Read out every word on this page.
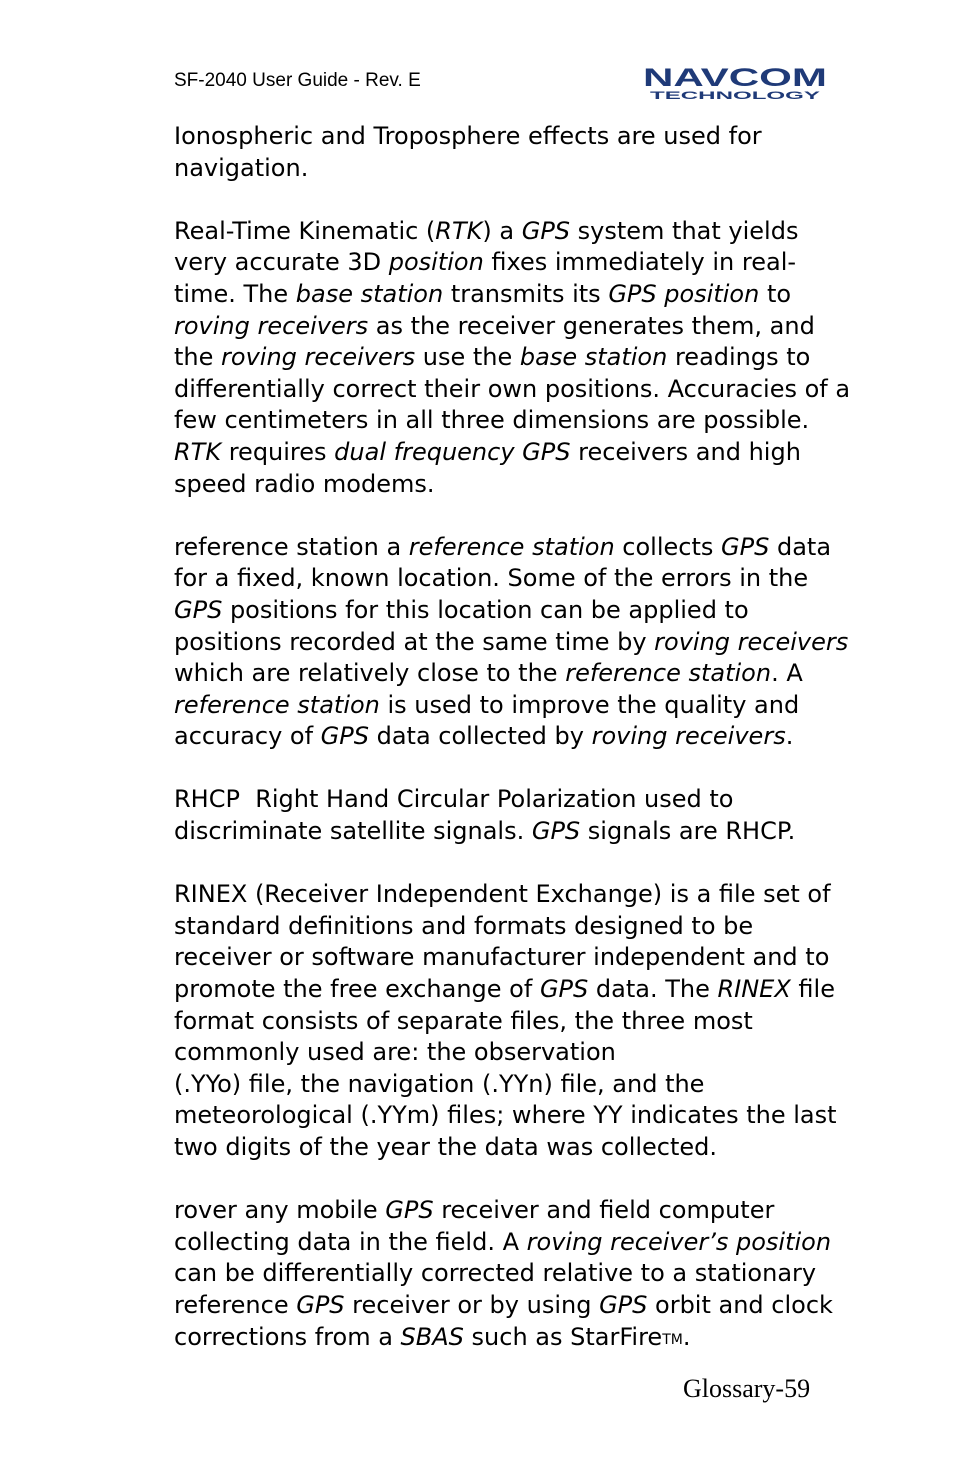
SF-2040 User Guide - Rev. E	NAVCOM
TECHNOLOGY

Ionospheric and Troposphere effects are used for navigation.

Real-Time Kinematic (RTK) a GPS system that yields very accurate 3D position fixes immediately in real-time. The base station transmits its GPS position to roving receivers as the receiver generates them, and the roving receivers use the base station readings to differentially correct their own positions. Accuracies of a few centimeters in all three dimensions are possible. RTK requires dual frequency GPS receivers and high speed radio modems.

reference station a reference station collects GPS data for a fixed, known location. Some of the errors in the GPS positions for this location can be applied to positions recorded at the same time by roving receivers which are relatively close to the reference station. A reference station is used to improve the quality and accuracy of GPS data collected by roving receivers.

RHCP  Right Hand Circular Polarization used to discriminate satellite signals. GPS signals are RHCP.

RINEX (Receiver Independent Exchange) is a file set of standard definitions and formats designed to be receiver or software manufacturer independent and to promote the free exchange of GPS data. The RINEX file format consists of separate files, the three most commonly used are: the observation
(.YYo) file, the navigation (.YYn) file, and the meteorological (.YYm) files; where YY indicates the last two digits of the year the data was collected.

rover any mobile GPS receiver and field computer collecting data in the field. A roving receiver’s position can be differentially corrected relative to a stationary reference GPS receiver or by using GPS orbit and clock corrections from a SBAS such as StarFireTM.

Glossary-59
